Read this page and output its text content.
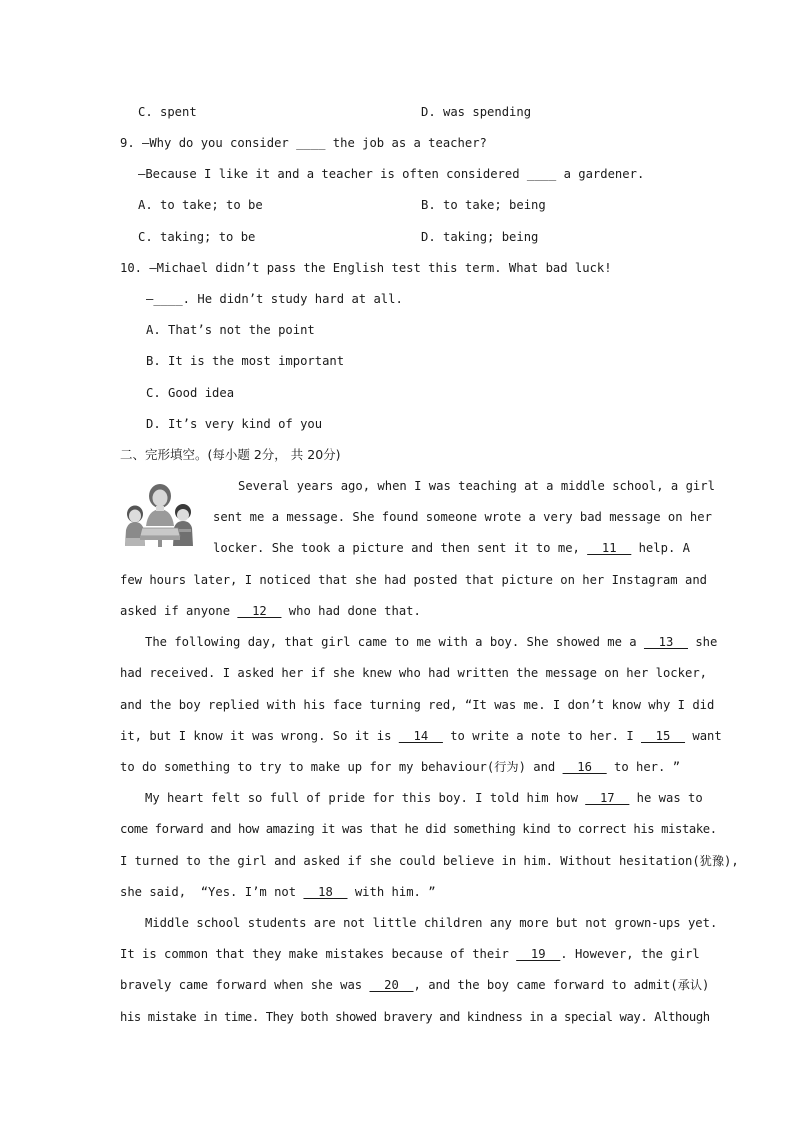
C. spent	D. was spending
9. —Why do you consider ____ the job as a teacher?
—Because I like it and a teacher is often considered ____ a gardener.
A. to take; to be	B. to take; being
C. taking; to be	D. taking; being
10. —Michael didn’t pass the English test this term. What bad luck!
—____. He didn’t study hard at all.
A. That’s not the point
B. It is the most important
C. Good idea
D. It’s very kind of you
二、完形填空。(每小题 2分， 共 20分)
Several years ago, when I was teaching at a middle school, a girl
sent me a message. She found someone wrote a very bad message on her
locker. She took a picture and then sent it to me, __11__ help. A
few hours later, I noticed that she had posted that picture on her Instagram and
asked if anyone __12__ who had done that.
The following day, that girl came to me with a boy. She showed me a __13__ she
had received. I asked her if she knew who had written the message on her locker,
and the boy replied with his face turning red, “It was me. I don’t know why I did
it, but I know it was wrong. So it is __14__ to write a note to her. I __15__ want
to do something to try to make up for my behaviour(行为) and __16__ to her. ”
My heart felt so full of pride for this boy. I told him how __17__ he was to
come forward and how amazing it was that he did something kind to correct his mistake.
I turned to the girl and asked if she could believe in him. Without hesitation(犹豫),
she said,  “Yes. I’m not __18__ with him. ”
Middle school students are not little children any more but not grown-ups yet.
It is common that they make mistakes because of their __19__. However, the girl
bravely came forward when she was __20__, and the boy came forward to admit(承认)
his mistake in time. They both showed bravery and kindness in a special way. Although
